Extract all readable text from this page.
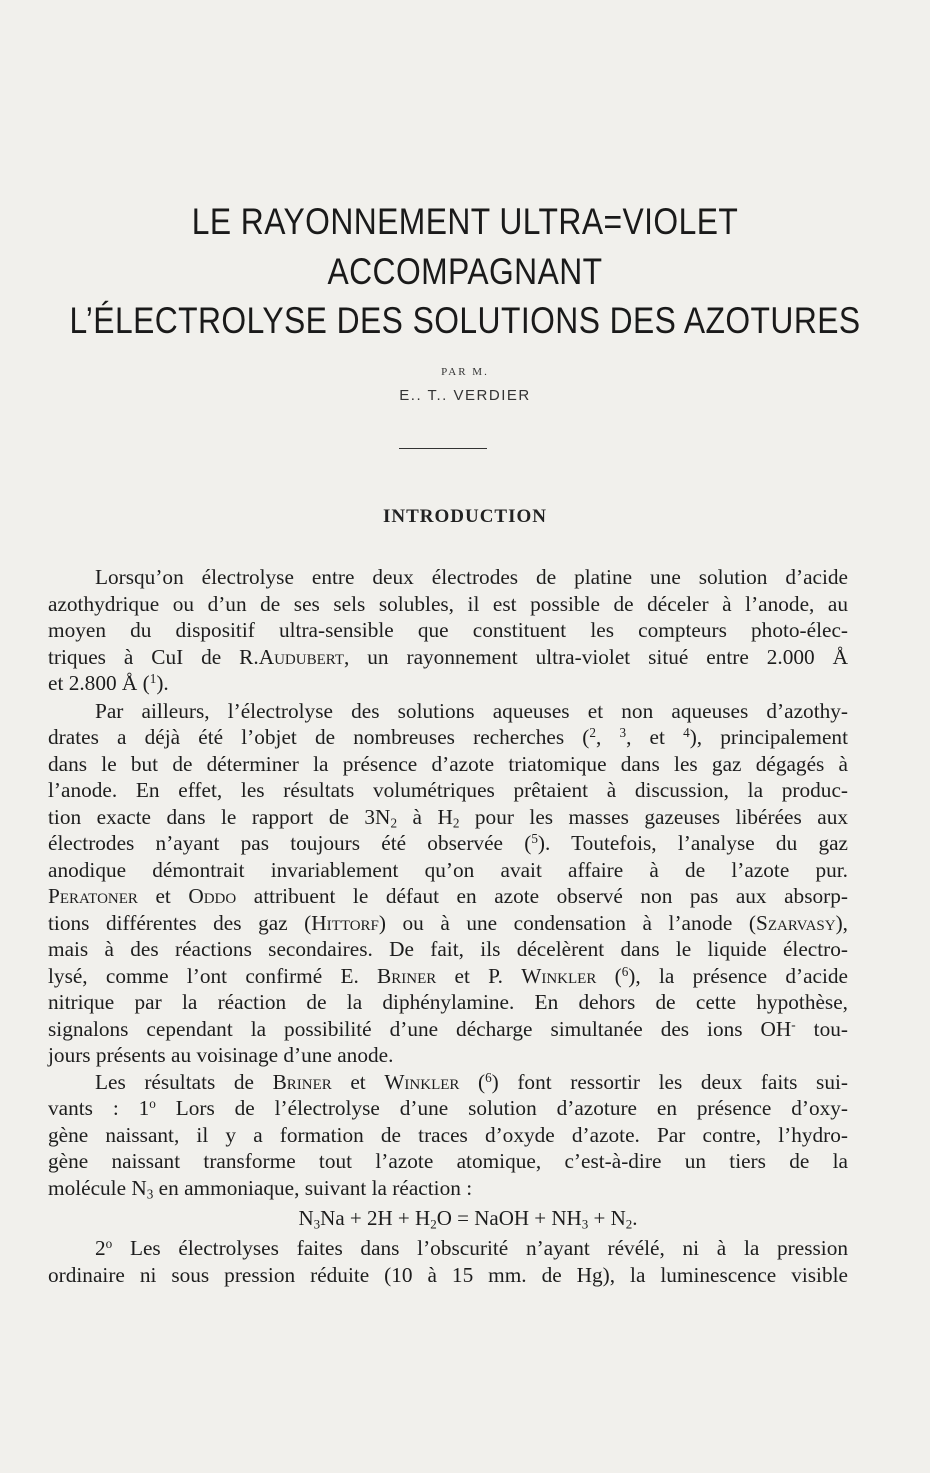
LE RAYONNEMENT ULTRA=VIOLET
ACCOMPAGNANT
L’ÉLECTROLYSE DES SOLUTIONS DES AZOTURES
PAR M.
E.. T.. VERDIER
INTRODUCTION
Lorsqu’on électrolyse entre deux électrodes de platine une solution d’acide
azothydrique ou d’un de ses sels solubles, il est possible de déceler à l’anode, au
moyen du dispositif ultra-sensible que constituent les compteurs photo-élec-
triques à CuI de R.Audubert, un rayonnement ultra-violet situé entre 2.000 Å
et 2.800 Å ($^1$).
Par ailleurs, l’électrolyse des solutions aqueuses et non aqueuses d’azothy-
drates a déjà été l’objet de nombreuses recherches ($^2$, $^3$, et $^4$), principalement
dans le but de déterminer la présence d’azote triatomique dans les gaz dégagés à
l’anode. En effet, les résultats volumétriques prêtaient à discussion, la produc-
tion exacte dans le rapport de $3N_2$ à $H_2$ pour les masses gazeuses libérées aux
électrodes n’ayant pas toujours été observée ($^5$). Toutefois, l’analyse du gaz
anodique démontrait invariablement qu’on avait affaire à de l’azote pur.
Peratoner et Oddo attribuent le défaut en azote observé non pas aux absorp-
tions différentes des gaz (Hittorf) ou à une condensation à l’anode (Szarvasy),
mais à des réactions secondaires. De fait, ils décelèrent dans le liquide électro-
lysé, comme l’ont confirmé E. Briner et P. Winkler ($^6$), la présence d’acide
nitrique par la réaction de la diphénylamine. En dehors de cette hypothèse,
signalons cependant la possibilité d’une décharge simultanée des ions OH- tou-
jours présents au voisinage d’une anode.
Les résultats de Briner et Winkler ($^6$) font ressortir les deux faits sui-
vants : 1$^o$ Lors de l’électrolyse d’une solution d’azoture en présence d’oxy-
gène naissant, il y a formation de traces d’oxyde d’azote. Par contre, l’hydro-
gène naissant transforme tout l’azote atomique, c’est-à-dire un tiers de la
molécule $N_3$ en ammoniaque, suivant la réaction :
$N_3Na + 2H + H_2O$ = NaOH + $NH_3 + N_2$.
2$^o$ Les électrolyses faites dans l’obscurité n’ayant révélé, ni à la pression
ordinaire ni sous pression réduite (10 à 15 mm. de Hg), la luminescence visible
